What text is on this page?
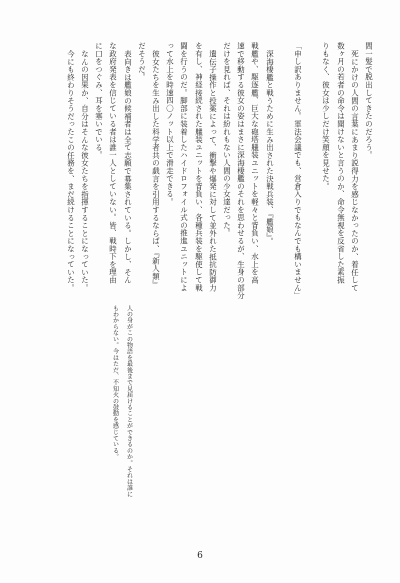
間一髪で脱出してきたのだろう。
死にかけの人間の言葉にあまり説得力を感じなかったのか、着任して
数ヶ月の若者の命令は聞けないと言うのか、命令無視を反省した素振
りもなく、彼女は少しだけ笑顔を見せた。
「申し訳ありません。軍法会議でも、営倉入りでもなんでも構いません」
深海棲艦と戦うために生み出された決戦兵装、『艦娘』。
戦艦や、駆逐艦、巨大な砲塔艤装ユニットを軽々と背負い、水上を高
速で移動する彼女の姿はまさに深海棲艦のそれを思わせるが、生身の部分
だけを見れば、それは紛れもない人間の少女達だった。
遺伝子操作と投薬によって、衝撃や爆発に対して並外れた抵抗防御力
を有し、神経接続された艤装ユニットを背負い、各種兵装を駆使して戦
闘を行うのだ。脚部に装着したハイドロフォイル式の推進ユニットによ
って水上を時速四〇ノット以上で滑走できる。
彼女たちを生み出した科学者共の戯言を引用するならば、『新人類』
だそうだ。
表向きは艦娘の候補者は全て志願で募集されている。しかし、そん
な政府発表を信じている者は誰一人としていない。皆、戦時下を理由
に口をつぐみ、耳を塞いでいる。
なんの因果か、自分はそんな彼女たちを指揮することになっていた。
今にも終わりそうだったこの任務を、まだ続けることになっていた。
人の身がこの物語を最後まで見届けることができるのか。それは誰に
もわからない。今はただ、不知火の鼓動を感じている。
6
